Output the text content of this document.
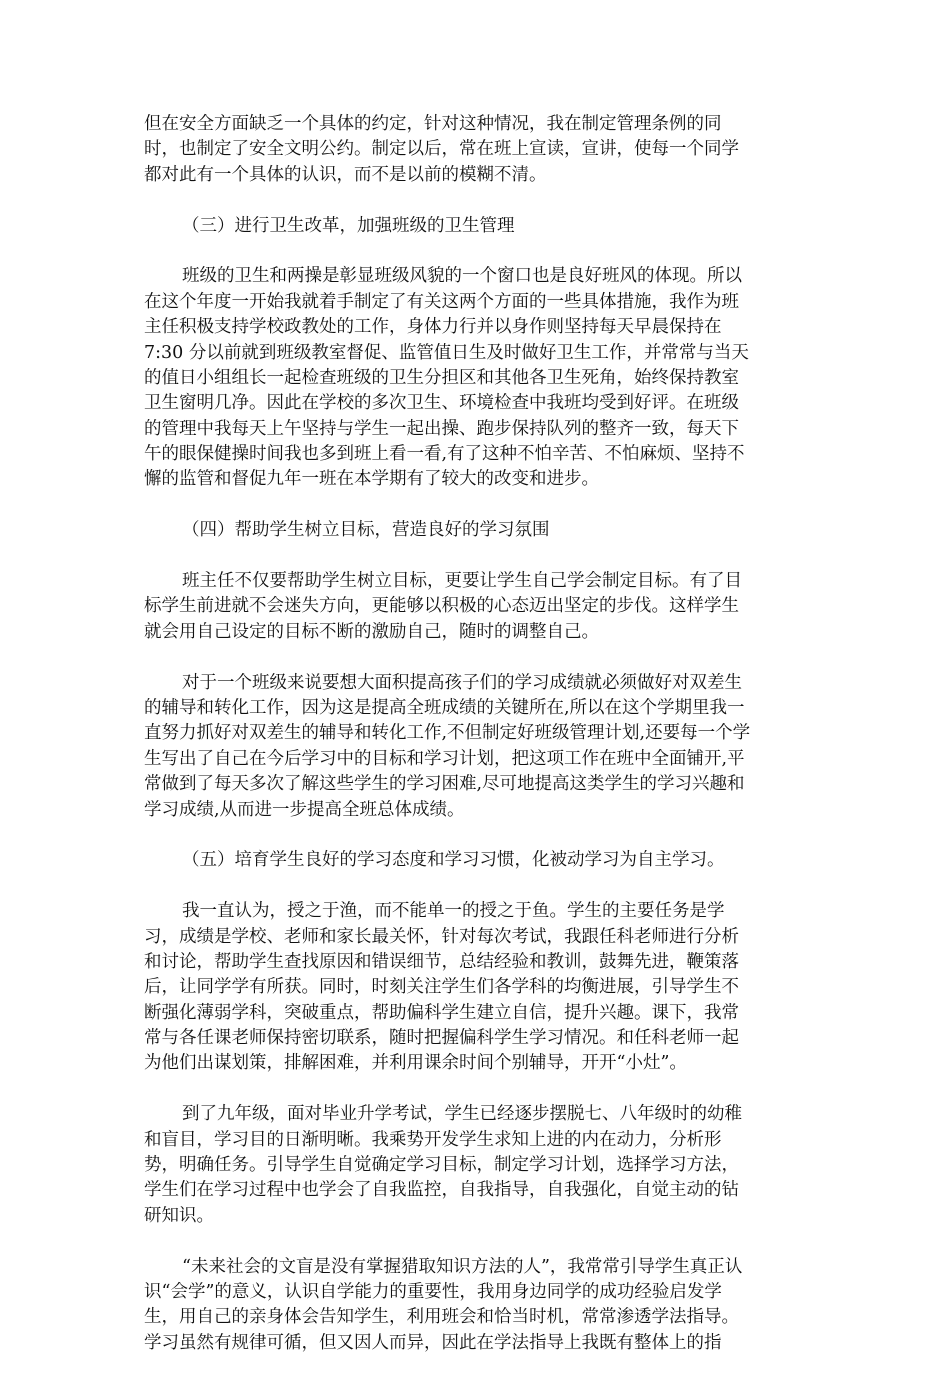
但在安全方面缺乏一个具体的约定，针对这种情况，我在制定管理条例的同
时，也制定了安全文明公约。制定以后，常在班上宣读，宣讲，使每一个同学
都对此有一个具体的认识，而不是以前的模糊不清。
（三）进行卫生改革，加强班级的卫生管理
班级的卫生和两操是彰显班级风貌的一个窗口也是良好班风的体现。所以
在这个年度一开始我就着手制定了有关这两个方面的一些具体措施，我作为班
主任积极支持学校政教处的工作，身体力行并以身作则坚持每天早晨保持在
7:30 分以前就到班级教室督促、监管值日生及时做好卫生工作，并常常与当天
的值日小组组长一起检查班级的卫生分担区和其他各卫生死角，始终保持教室
卫生窗明几净。因此在学校的多次卫生、环境检查中我班均受到好评。在班级
的管理中我每天上午坚持与学生一起出操、跑步保持队列的整齐一致，每天下
午的眼保健操时间我也多到班上看一看,有了这种不怕辛苦、不怕麻烦、坚持不
懈的监管和督促九年一班在本学期有了较大的改变和进步。
（四）帮助学生树立目标，营造良好的学习氛围
班主任不仅要帮助学生树立目标，更要让学生自己学会制定目标。有了目
标学生前进就不会迷失方向，更能够以积极的心态迈出坚定的步伐。这样学生
就会用自己设定的目标不断的激励自己，随时的调整自己。
对于一个班级来说要想大面积提高孩子们的学习成绩就必须做好对双差生
的辅导和转化工作，因为这是提高全班成绩的关键所在,所以在这个学期里我一
直努力抓好对双差生的辅导和转化工作,不但制定好班级管理计划,还要每一个学
生写出了自己在今后学习中的目标和学习计划，把这项工作在班中全面铺开,平
常做到了每天多次了解这些学生的学习困难,尽可地提高这类学生的学习兴趣和
学习成绩,从而进一步提高全班总体成绩。
（五）培育学生良好的学习态度和学习习惯，化被动学习为自主学习。
我一直认为，授之于渔，而不能单一的授之于鱼。学生的主要任务是学
习，成绩是学校、老师和家长最关怀，针对每次考试，我跟任科老师进行分析
和讨论，帮助学生查找原因和错误细节，总结经验和教训，鼓舞先进，鞭策落
后，让同学学有所获。同时，时刻关注学生们各学科的均衡进展，引导学生不
断强化薄弱学科，突破重点，帮助偏科学生建立自信，提升兴趣。课下，我常
常与各任课老师保持密切联系，随时把握偏科学生学习情况。和任科老师一起
为他们出谋划策，排解困难，并利用课余时间个别辅导，开开“小灶”。
到了九年级，面对毕业升学考试，学生已经逐步摆脱七、八年级时的幼稚
和盲目，学习目的日渐明晰。我乘势开发学生求知上进的内在动力，分析形
势，明确任务。引导学生自觉确定学习目标，制定学习计划，选择学习方法，
学生们在学习过程中也学会了自我监控，自我指导，自我强化，自觉主动的钻
研知识。
“未来社会的文盲是没有掌握猎取知识方法的人”，我常常引导学生真正认
识“会学”的意义，认识自学能力的重要性，我用身边同学的成功经验启发学
生，用自己的亲身体会告知学生，利用班会和恰当时机，常常渗透学法指导。
学习虽然有规律可循，但又因人而异，因此在学法指导上我既有整体上的指
